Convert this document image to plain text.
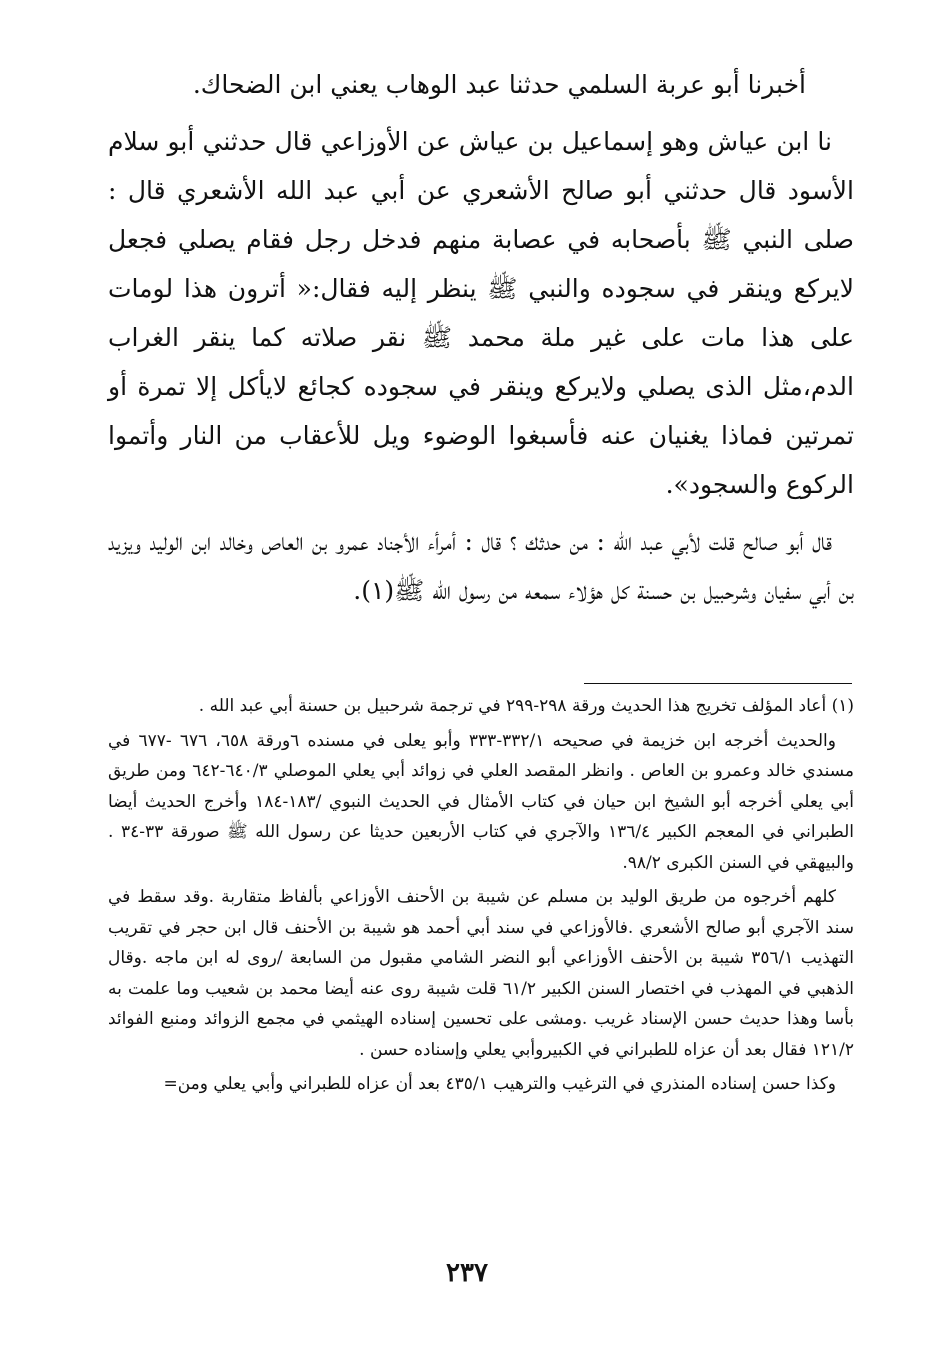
أخبرنا أبو عربة السلمي حدثنا عبد الوهاب يعني ابن الضحاك.

نا ابن عياش وهو إسماعيل بن عياش عن الأوزاعي قال حدثني أبو سلام الأسود قال حدثني أبو صالح الأشعري عن أبي عبد الله الأشعري قال : صلى النبي ﷺ بأصحابه في عصابة منهم فدخل رجل فقام يصلي فجعل لايركع وينقر في سجوده والنبي ﷺ ينظر إليه فقال:« أترون هذا لومات على هذا مات على غير ملة محمد ﷺ نقر صلاته كما ينقر الغراب الدم،مثل الذى يصلي ولايركع وينقر في سجوده كجائع لايأكل إلا تمرة أو تمرتين فماذا يغنيان عنه فأسبغوا الوضوء ويل للأعقاب من النار وأتموا الركوع والسجود».

قال أبو صالح قلت لأبي عبد الله : من حدثك ؟ قال : أمرأء الأجناد عمرو بن العاص وخالد ابن الوليد ويزيد بن أبي سفيان وشرحبيل بن حسنة كل هؤلاء سمعه من رسول الله ﷺ(١).

(١) أعاد المؤلف تخريج هذا الحديث ورقة ٢٩٨-٢٩٩ في ترجمة شرحبيل بن حسنة أبي عبد الله .

والحديث أخرجه ابن خزيمة في صحيحه ٣٣٢/١-٣٣٣ وأبو يعلى في مسنده ٦ورقة ٦٥٨، ٦٧٦ -٦٧٧ في مسندي خالد وعمرو بن العاص . وانظر المقصد العلي في زوائد أبي يعلي الموصلي ٦٤٠/٣-٦٤٢ ومن طريق أبي يعلي أخرجه أبو الشيخ ابن حيان في كتاب الأمثال في الحديث النبوي /١٨٣-١٨٤ وأخرج الحديث أيضا الطبراني في المعجم الكبير ١٣٦/٤ والآجري في كتاب الأربعين حديثا عن رسول الله ﷺ صورقة ٣٣-٣٤ . والبيهقي في السنن الكبرى ٩٨/٢.

كلهم أخرجوه من طريق الوليد بن مسلم عن شيبة بن الأحنف الأوزاعي بألفاظ متقاربة .وقد سقط في سند الآجري أبو صالح الأشعري .فالأوزاعي في سند أبي أحمد هو شيبة بن الأحنف قال ابن حجر في تقريب التهذيب ٣٥٦/١ شيبة بن الأحنف الأوزاعي أبو النضر الشامي مقبول من السابعة /روى له ابن ماجه .وقال الذهبي في المهذب في اختصار السنن الكبير ٦١/٢ قلت شيبة روى عنه أيضا محمد بن شعيب وما علمت به بأسا وهذا حديث حسن الإسناد غريب .ومشى على تحسين إسناده الهيثمي في مجمع الزوائد ومنبع الفوائد ١٢١/٢ فقال بعد أن عزاه للطبراني في الكبيروأبي يعلي وإسناده حسن .

وكذا حسن إسناده المنذري في الترغيب والترهيب ٤٣٥/١ بعد أن عزاه للطبراني وأبي يعلي ومن=

٢٣٧
